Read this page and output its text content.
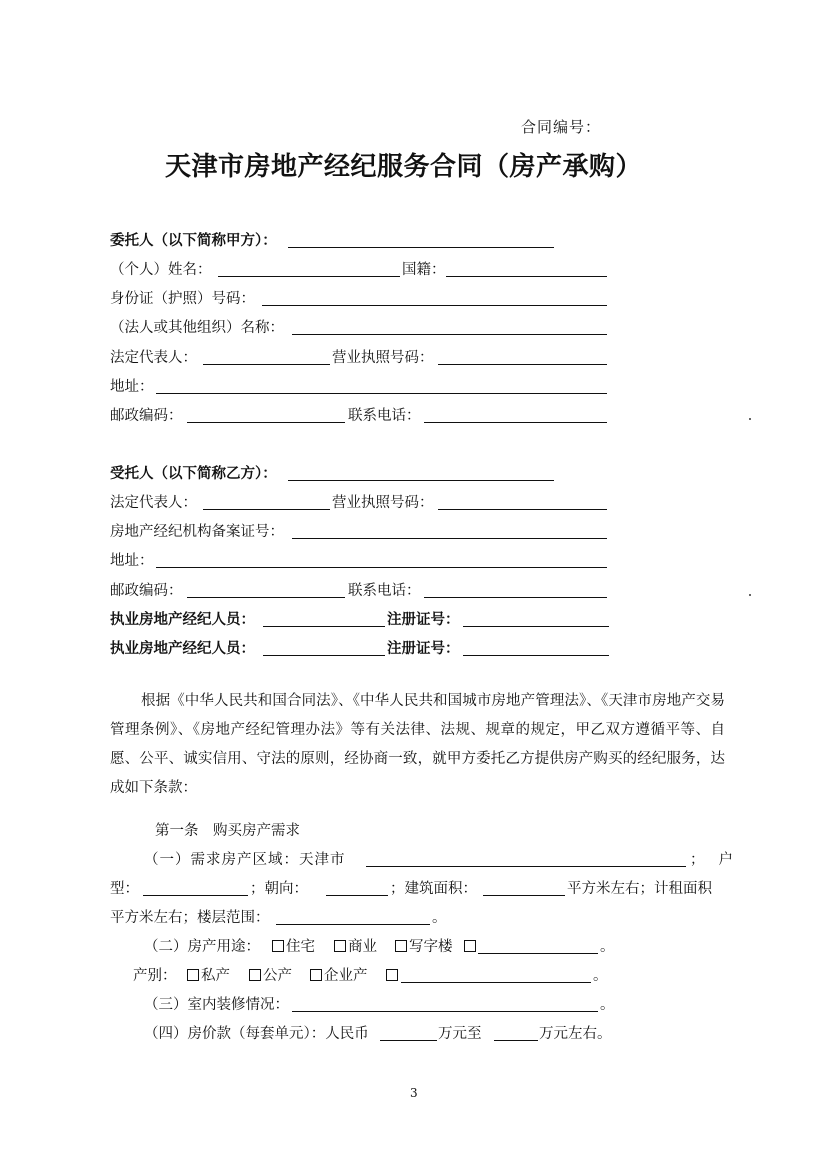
合同编号：
天津市房地产经纪服务合同（房产承购）
委托人（以下简称甲方）：
（个人）姓名：	国籍：
身份证（护照）号码：
（法人或其他组织）名称：
法定代表人：	营业执照号码：
地址：
邮政编码：	联系电话：
受托人（以下简称乙方）：
法定代表人：	营业执照号码：
房地产经纪机构备案证号：
地址：
邮政编码：	联系电话：
执业房地产经纪人员：	注册证号：
执业房地产经纪人员：	注册证号：
根据《中华人民共和国合同法》、《中华人民共和国城市房地产管理法》、《天津市房地产交易管理条例》、《房地产经纪管理办法》等有关法律、法规、规章的规定，甲乙双方遵循平等、自愿、公平、诚实信用、守法的原则，经协商一致，就甲方委托乙方提供房产购买的经纪服务，达成如下条款：
第一条　购买房产需求
（一）需求房产区域：天津市	；户
型：	；朝向：	；建筑面积：	平方米左右；计租面积
平方米左右；楼层范围：	。
（二）房产用途：	住宅	商业	写字楼	。
产别：	私产	公产	企业产	。
（三）室内装修情况：	。
（四）房价款（每套单元）：人民币	万元至	万元左右。
3
